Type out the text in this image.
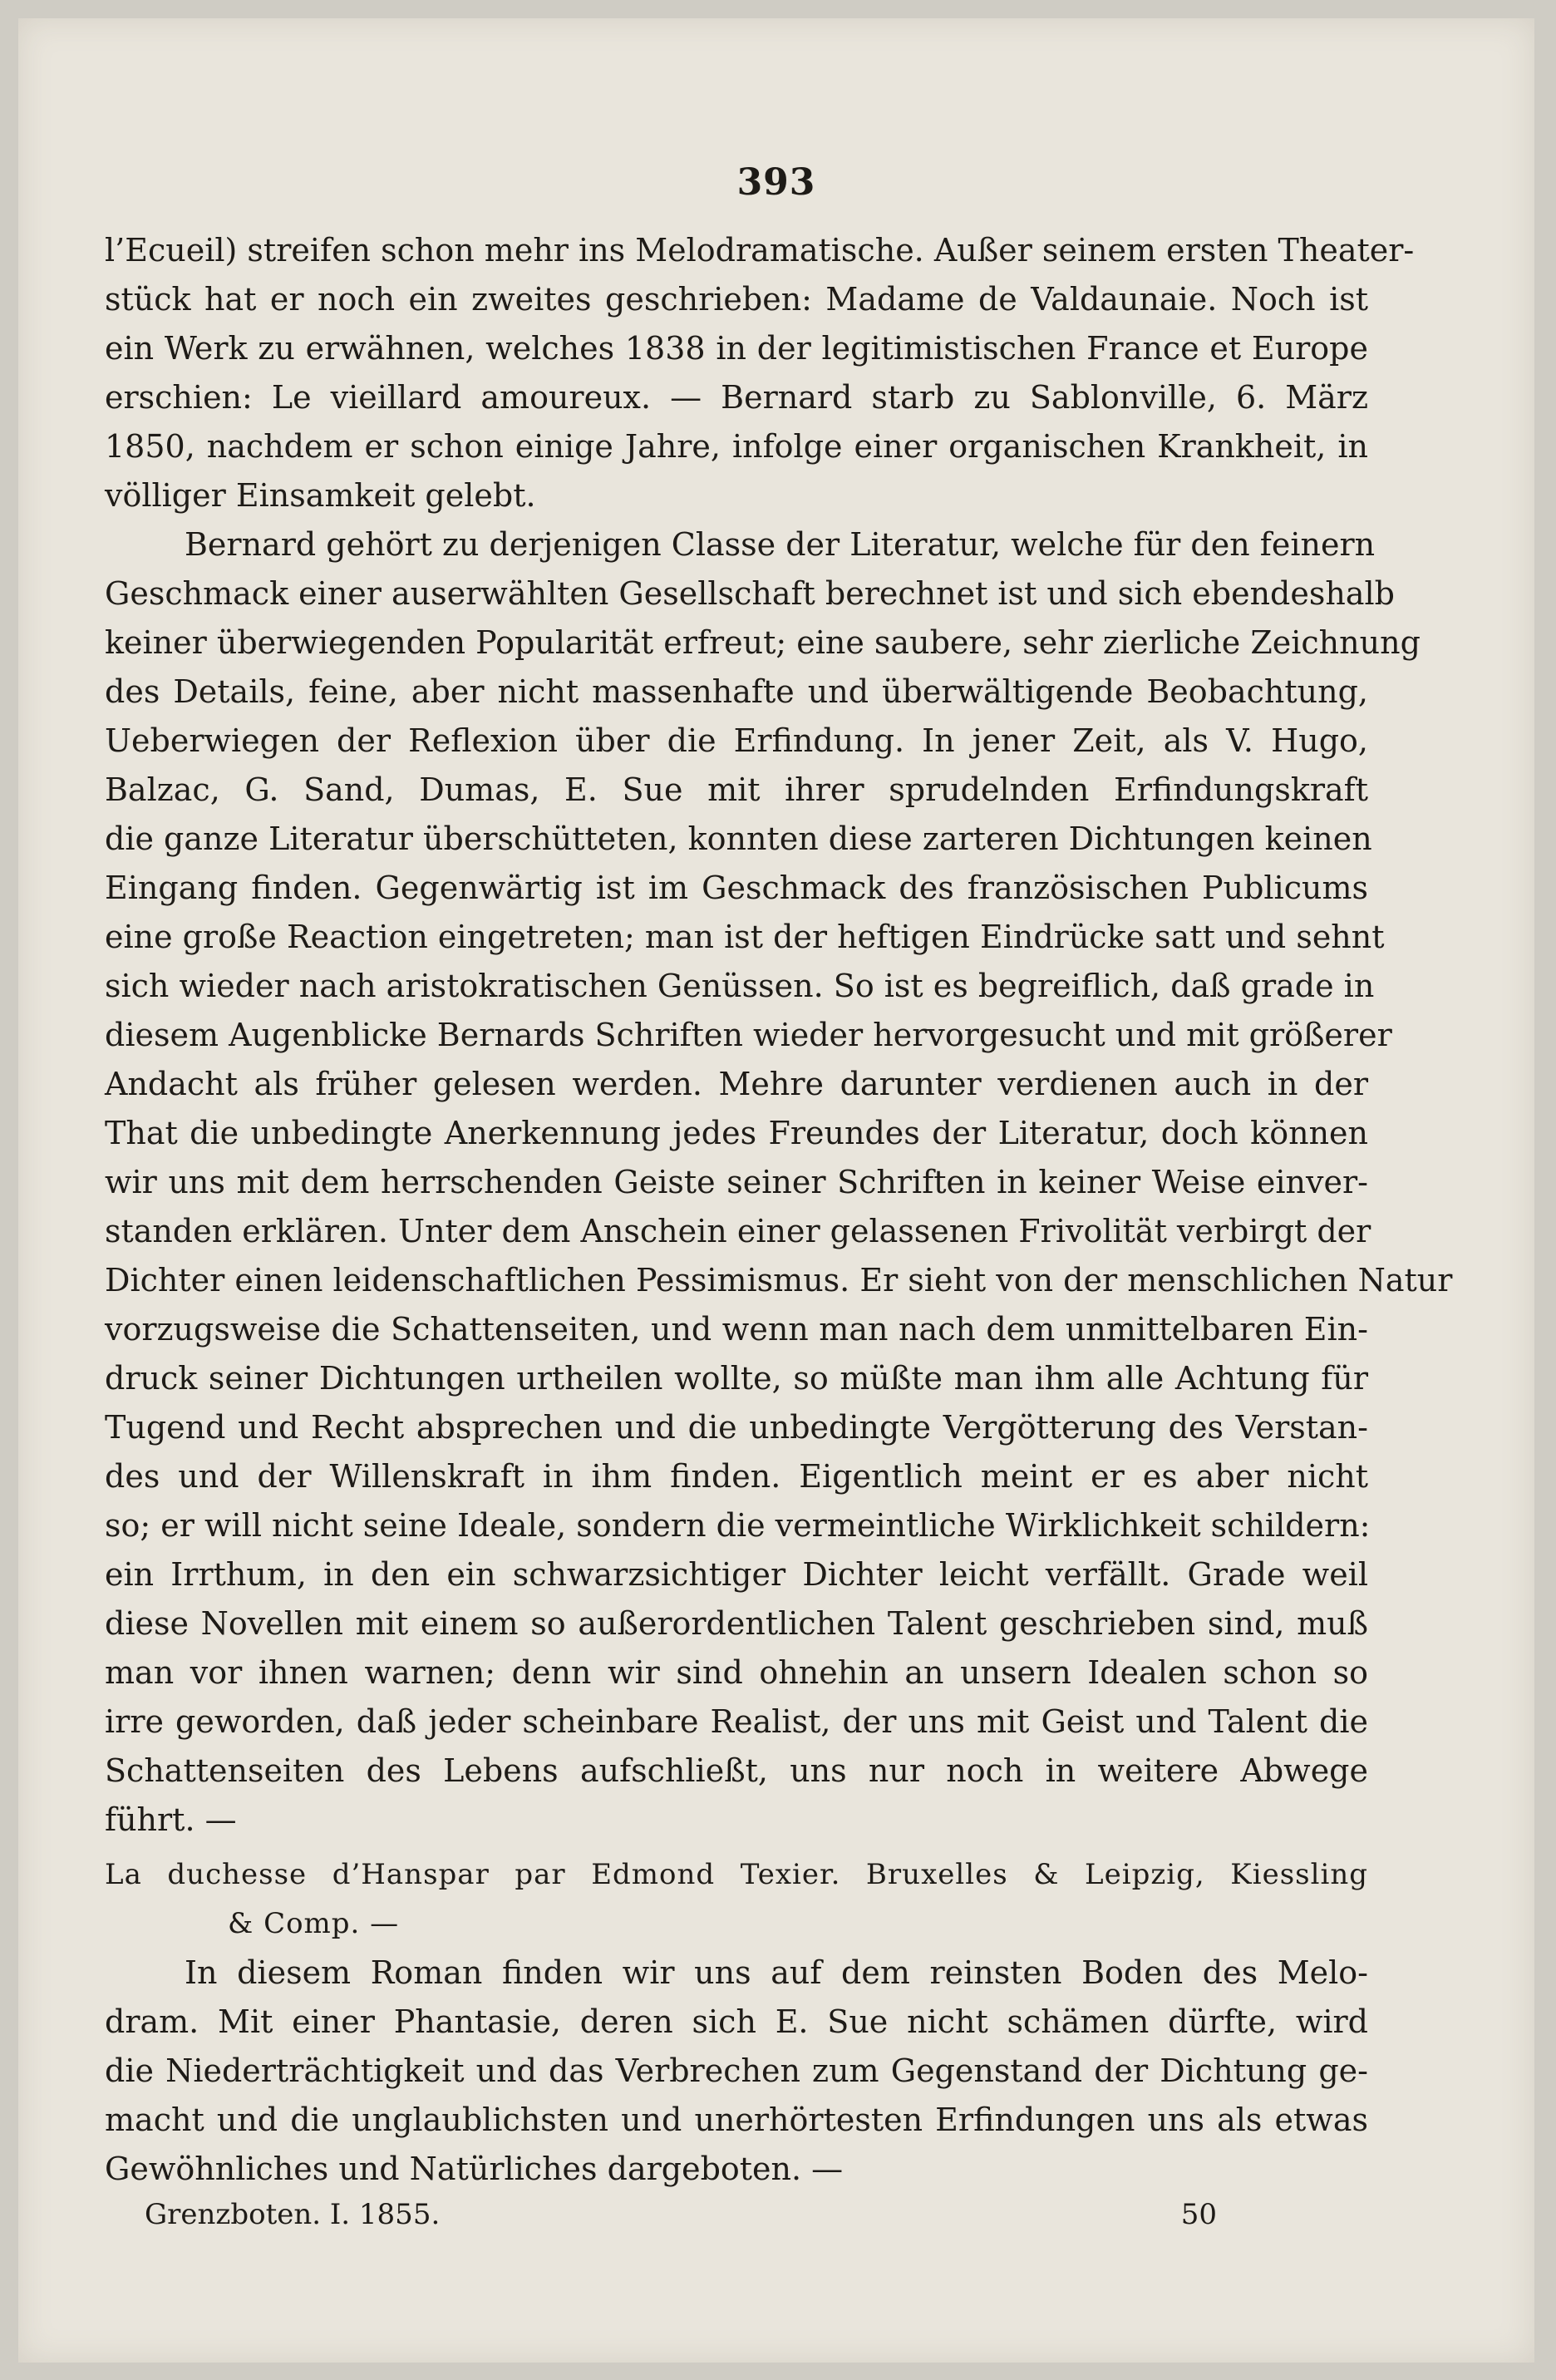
393
l’Ecueil) streifen schon mehr ins Melodramatische. Außer seinem ersten Theater-
stück hat er noch ein zweites geschrieben: Madame de Valdaunaie. Noch ist
ein Werk zu erwähnen, welches 1838 in der legitimistischen France et Europe
erschien: Le vieillard amoureux. — Bernard starb zu Sablonville, 6. März
1850, nachdem er schon einige Jahre, infolge einer organischen Krankheit, in
völliger Einsamkeit gelebt.
Bernard gehört zu derjenigen Classe der Literatur, welche für den feinern
Geschmack einer auserwählten Gesellschaft berechnet ist und sich ebendeshalb
keiner überwiegenden Popularität erfreut; eine saubere, sehr zierliche Zeichnung
des Details, feine, aber nicht massenhafte und überwältigende Beobachtung,
Ueberwiegen der Reflexion über die Erfindung. In jener Zeit, als V. Hugo,
Balzac, G. Sand, Dumas, E. Sue mit ihrer sprudelnden Erfindungskraft
die ganze Literatur überschütteten, konnten diese zarteren Dichtungen keinen
Eingang finden. Gegenwärtig ist im Geschmack des französischen Publicums
eine große Reaction eingetreten; man ist der heftigen Eindrücke satt und sehnt
sich wieder nach aristokratischen Genüssen. So ist es begreiflich, daß grade in
diesem Augenblicke Bernards Schriften wieder hervorgesucht und mit größerer
Andacht als früher gelesen werden. Mehre darunter verdienen auch in der
That die unbedingte Anerkennung jedes Freundes der Literatur, doch können
wir uns mit dem herrschenden Geiste seiner Schriften in keiner Weise einver-
standen erklären. Unter dem Anschein einer gelassenen Frivolität verbirgt der
Dichter einen leidenschaftlichen Pessimismus. Er sieht von der menschlichen Natur
vorzugsweise die Schattenseiten, und wenn man nach dem unmittelbaren Ein-
druck seiner Dichtungen urtheilen wollte, so müßte man ihm alle Achtung für
Tugend und Recht absprechen und die unbedingte Vergötterung des Verstan-
des und der Willenskraft in ihm finden. Eigentlich meint er es aber nicht
so; er will nicht seine Ideale, sondern die vermeintliche Wirklichkeit schildern:
ein Irrthum, in den ein schwarzsichtiger Dichter leicht verfällt. Grade weil
diese Novellen mit einem so außerordentlichen Talent geschrieben sind, muß
man vor ihnen warnen; denn wir sind ohnehin an unsern Idealen schon so
irre geworden, daß jeder scheinbare Realist, der uns mit Geist und Talent die
Schattenseiten des Lebens aufschließt, uns nur noch in weitere Abwege
führt. —
La duchesse d’Hanspar par Edmond Texier. Bruxelles & Leipzig, Kiessling
& Comp. —
In diesem Roman finden wir uns auf dem reinsten Boden des Melo-
dram. Mit einer Phantasie, deren sich E. Sue nicht schämen dürfte, wird
die Niederträchtigkeit und das Verbrechen zum Gegenstand der Dichtung ge-
macht und die unglaublichsten und unerhörtesten Erfindungen uns als etwas
Gewöhnliches und Natürliches dargeboten. —
Grenzboten. I. 1855.	50
